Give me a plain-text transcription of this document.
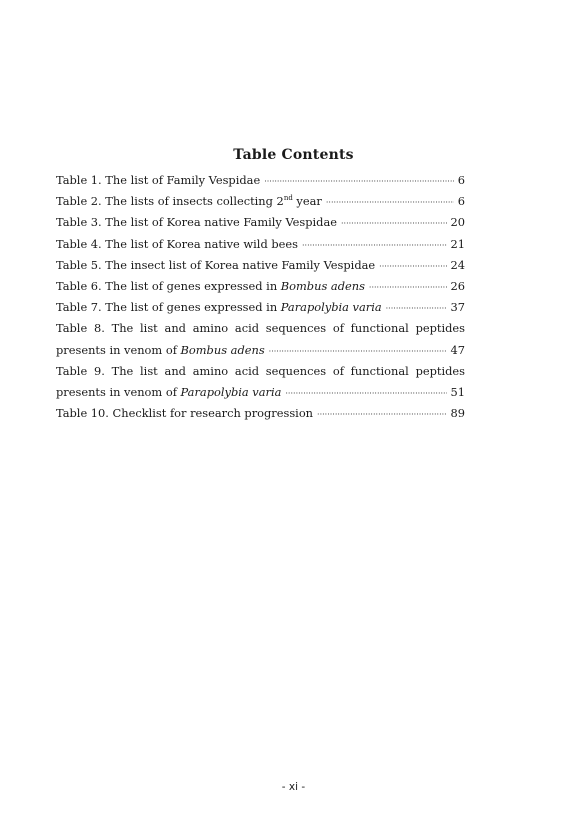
Table Contents
Table 1. The list of Family Vespidae ·····	6
Table 2. The lists of insects collecting 2nd year ·····	6
Table 3. The list of Korea native Family Vespidae ·····	20
Table 4. The list of Korea native wild bees ·····	21
Table 5. The insect list of Korea native Family Vespidae ·····	24
Table 6. The list of genes expressed in Bombus adens ·····	26
Table 7. The list of genes expressed in Parapolybia varia ·····	37
Table 8. The list and amino acid sequences of functional peptides
presents in venom of Bombus adens ·····	47
Table 9. The list and amino acid sequences of functional peptides
presents in venom of Parapolybia varia ·····	51
Table 10. Checklist for research progression ·····	89
- xi -
